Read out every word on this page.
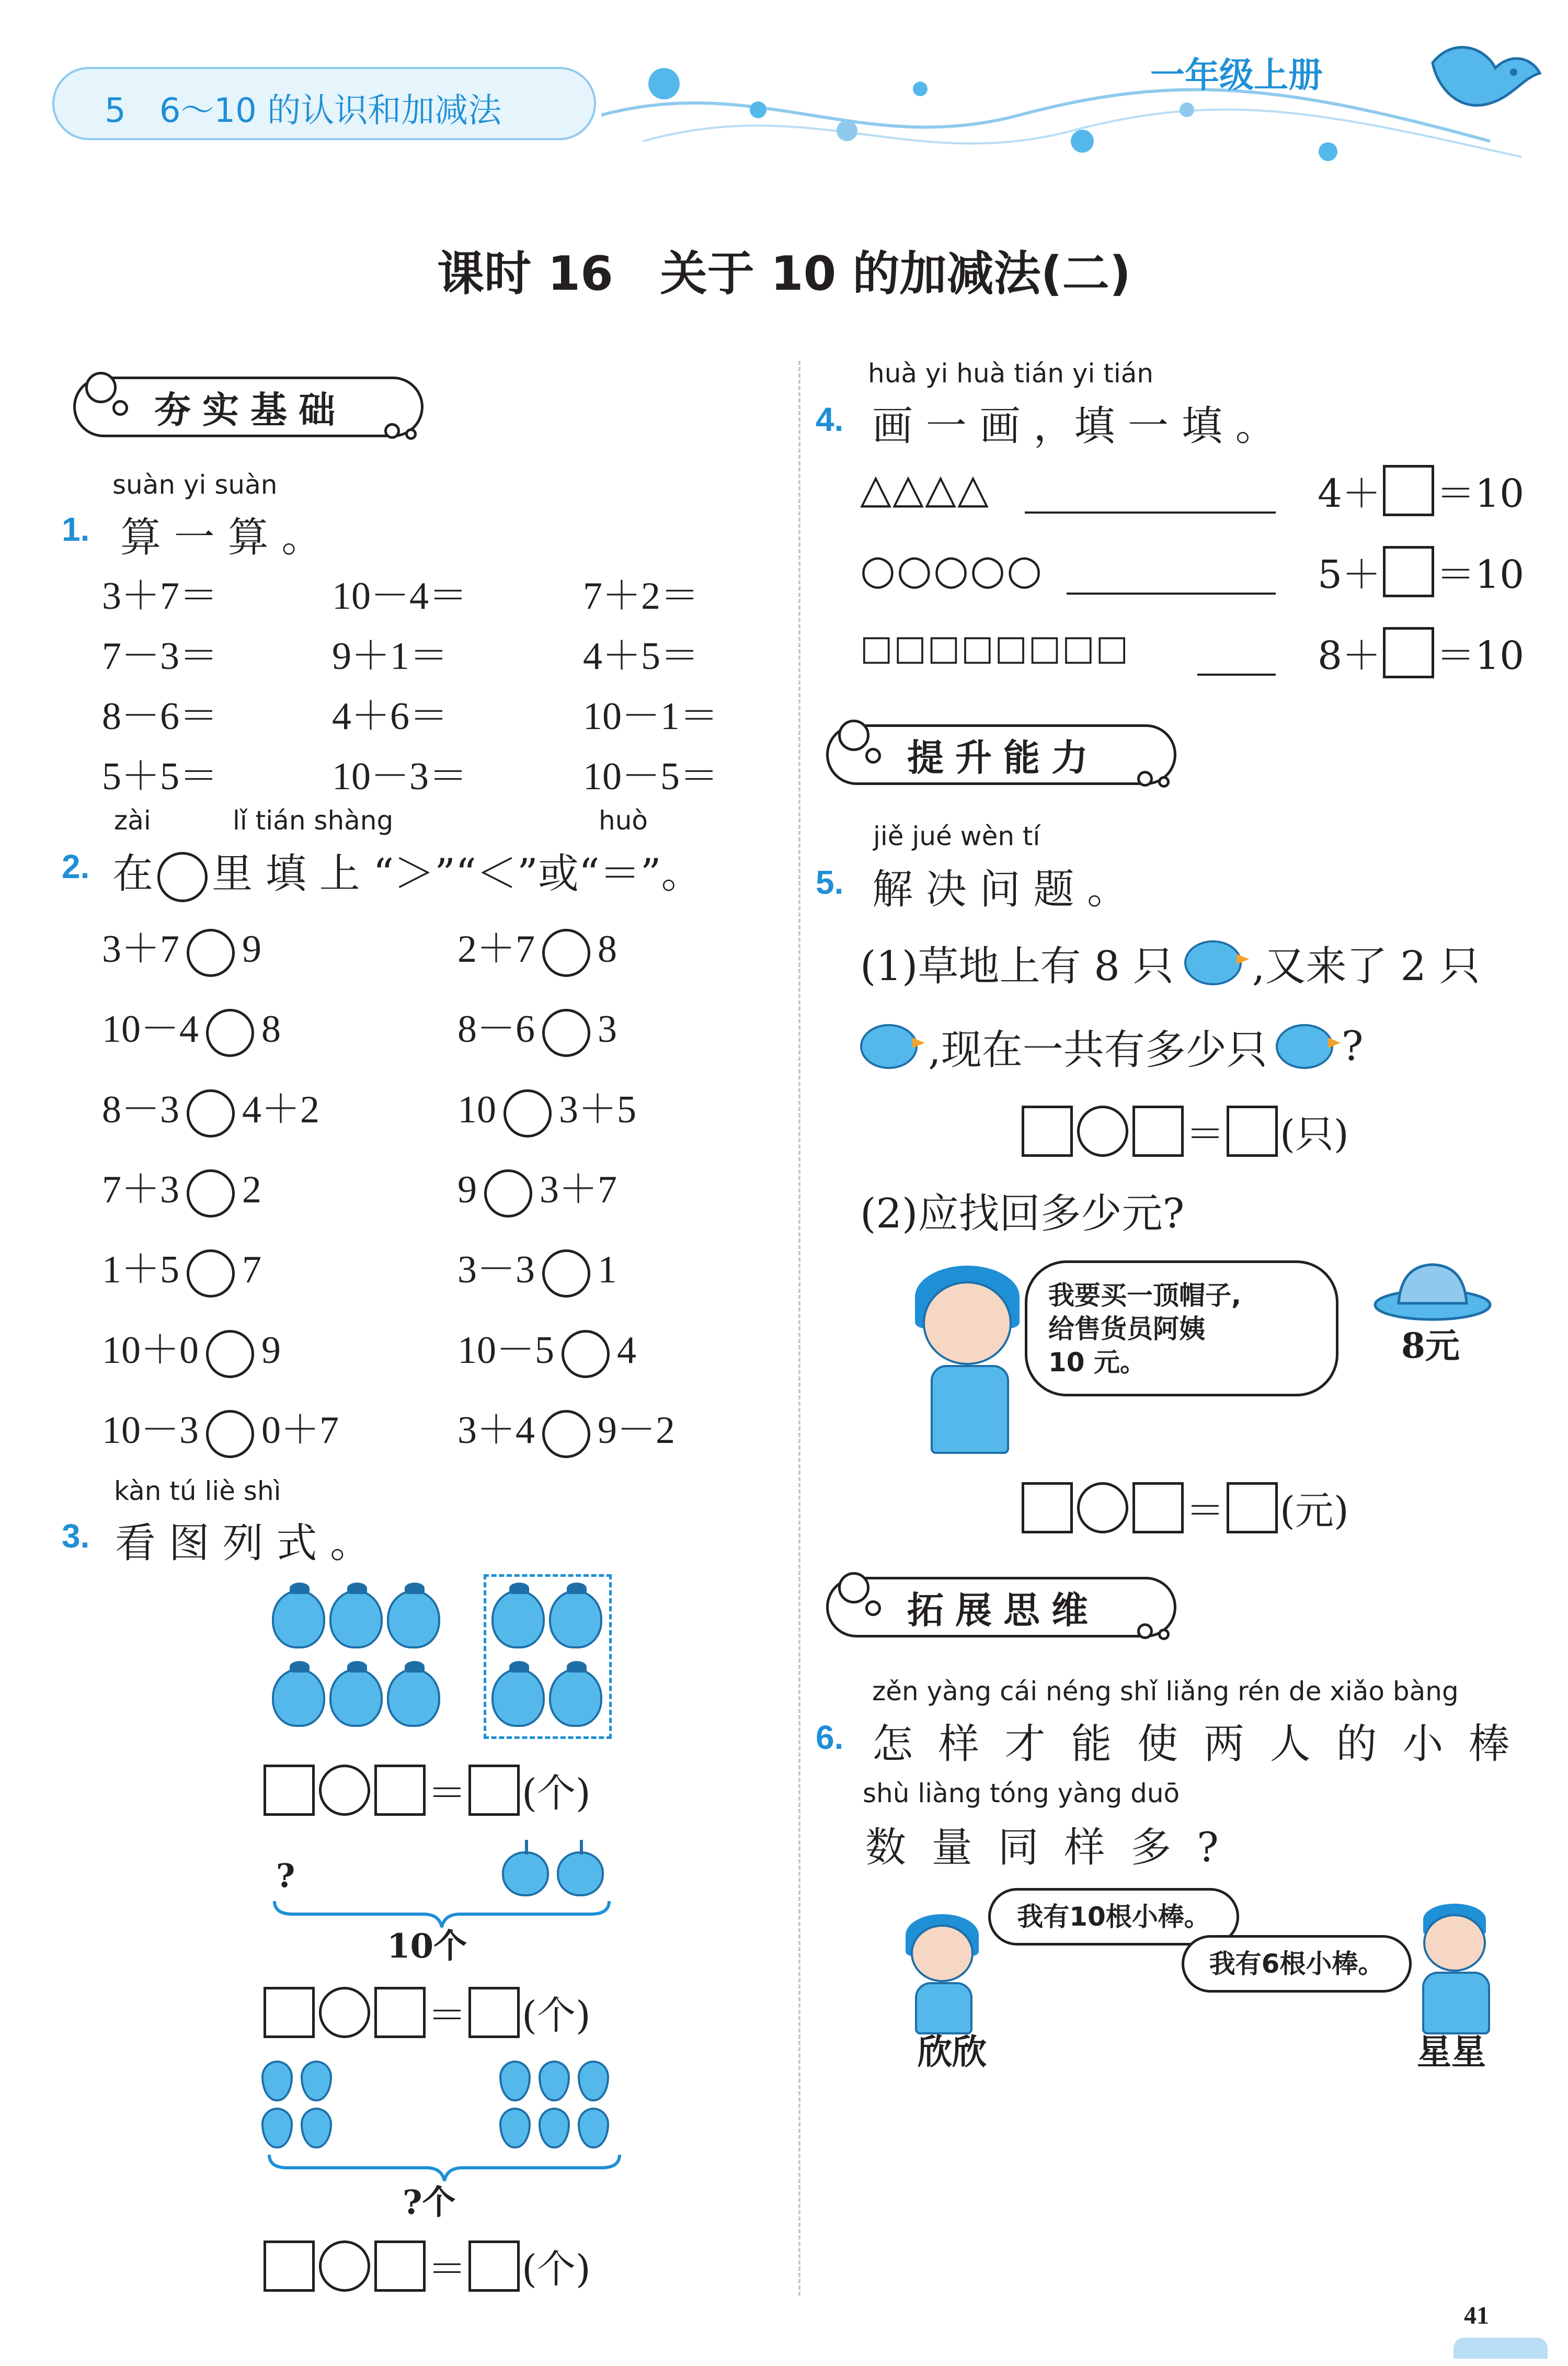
5　6～10 的认识和加减法
一年级上册
课时 16　关于 10 的加减法(二)
夯实基础
suàn yi suàn
1. 算 一 算 。
3＋7＝	10－4＝	7＋2＝
7－3＝	9＋1＝	4＋5＝
8－6＝	4＋6＝	10－1＝
5＋5＝	10－3＝	10－5＝
zài	lǐ tián shàng	huò
2. 在 里 填 上 “＞”“＜”或“＝”。
3＋7 9	2＋7 8
10－4 8	8－6 3
8－3 4＋2	10 3＋5
7＋3 2	9 3＋7
1＋5 7	3－3 1
10＋0 9	10－5 4
10－3 0＋7	3＋4 9－2
kàn tú liè shì
3. 看 图 列 式 。
＝ (个)
?
10个
＝ (个)
?个
＝ (个)
huà yi huà tián yi tián
4. 画 一 画 ，填 一 填 。
△△△△	4＋ ＝10
○○○○○	5＋ ＝10
□□□□□□□□	8＋ ＝10
提升能力
jiě jué wèn tí
5. 解 决 问 题 。
(1)草地上有 8 只 ,又来了 2 只
,现在一共有多少只 ?
＝ (只)
(2)应找回多少元?
我要买一顶帽子,
给售货员阿姨
10 元。	8元
＝ (元)
拓展思维
zěn yàng cái néng shǐ liǎng rén de xiǎo bàng
6. 怎 样 才 能 使 两 人 的 小 棒
shù liàng tóng yàng duō
数 量 同 样 多 ?
我有10根小棒。
我有6根小棒。
欣欣	星星
41
